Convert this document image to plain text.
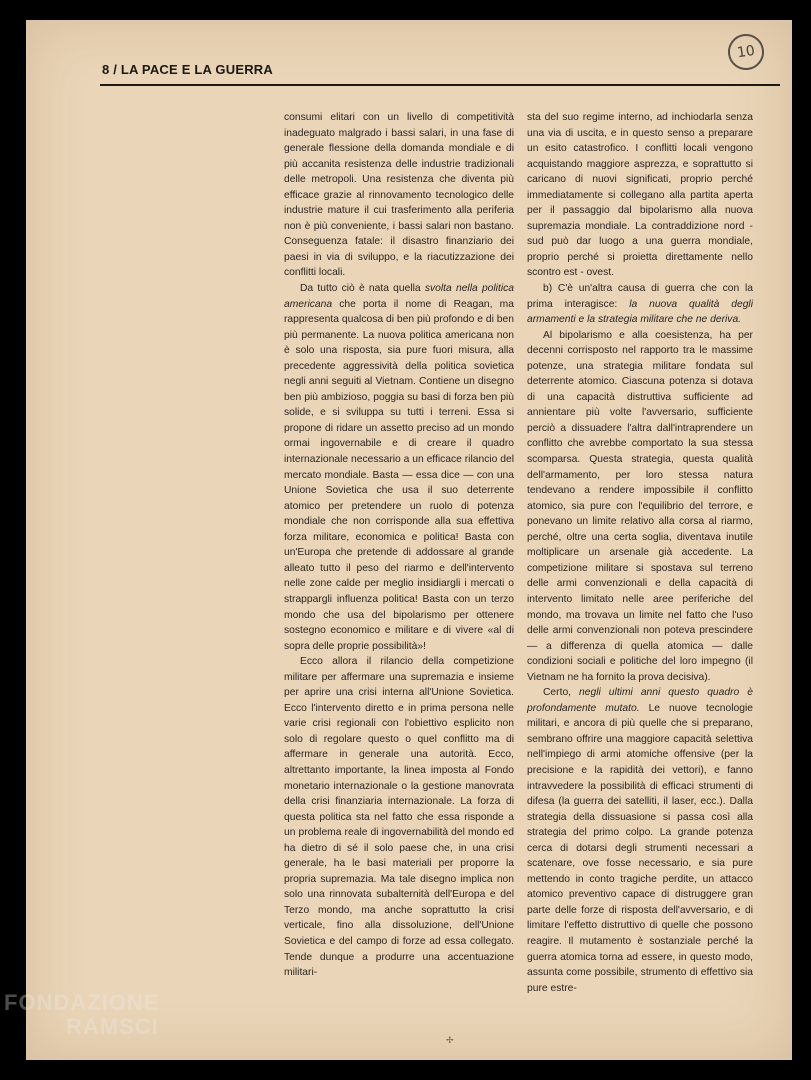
10
8 / LA PACE E LA GUERRA

consumi elitari con un livello di competitività inadeguato malgrado i bassi salari, in una fase di generale flessione della domanda mondiale e di più accanita resistenza delle industrie tradizionali delle metropoli. Una resistenza che diventa più efficace grazie al rinnovamento tecnologico delle industrie mature il cui trasferimento alla periferia non è più conveniente, i bassi salari non bastano. Conseguenza fatale: il disastro finanziario dei paesi in via di sviluppo, e la riacutizzazione dei conflitti locali.

Da tutto ciò è nata quella svolta nella politica americana che porta il nome di Reagan, ma rappresenta qualcosa di ben più profondo e di ben più permanente. La nuova politica americana non è solo una risposta, sia pure fuori misura, alla precedente aggressività della politica sovietica negli anni seguiti al Vietnam. Contiene un disegno ben più ambizioso, poggia su basi di forza ben più solide, e si sviluppa su tutti i terreni. Essa si propone di ridare un assetto preciso ad un mondo ormai ingovernabile e di creare il quadro internazionale necessario a un efficace rilancio del mercato mondiale. Basta — essa dice — con una Unione Sovietica che usa il suo deterrente atomico per pretendere un ruolo di potenza mondiale che non corrisponde alla sua effettiva forza militare, economica e politica! Basta con un'Europa che pretende di addossare al grande alleato tutto il peso del riarmo e dell'intervento nelle zone calde per meglio insidiargli i mercati o strappargli influenza politica! Basta con un terzo mondo che usa del bipolarismo per ottenere sostegno economico e militare e di vivere «al di sopra delle proprie possibilità»!

Ecco allora il rilancio della competizione militare per affermare una supremazia e insieme per aprire una crisi interna all'Unione Sovietica. Ecco l'intervento diretto e in prima persona nelle varie crisi regionali con l'obiettivo esplicito non solo di regolare questo o quel conflitto ma di affermare in generale una autorità. Ecco, altrettanto importante, la linea imposta al Fondo monetario internazionale o la gestione manovrata della crisi finanziaria internazionale. La forza di questa politica sta nel fatto che essa risponde a un problema reale di ingovernabilità del mondo ed ha dietro di sé il solo paese che, in una crisi generale, ha le basi materiali per proporre la propria supremazia. Ma tale disegno implica non solo una rinnovata subalternità dell'Europa e del Terzo mondo, ma anche soprattutto la crisi verticale, fino alla dissoluzione, dell'Unione Sovietica e del campo di forze ad essa collegato. Tende dunque a produrre una accentuazione militari-

sta del suo regime interno, ad inchiodarla senza una via di uscita, e in questo senso a preparare un esito catastrofico. I conflitti locali vengono acquistando maggiore asprezza, e soprattutto si caricano di nuovi significati, proprio perché immediatamente si collegano alla partita aperta per il passaggio dal bipolarismo alla nuova supremazia mondiale. La contraddizione nord - sud può dar luogo a una guerra mondiale, proprio perché si proietta direttamente nello scontro est - ovest.

b) C'è un'altra causa di guerra che con la prima interagisce: la nuova qualità degli armamenti e la strategia militare che ne deriva.

Al bipolarismo e alla coesistenza, ha per decenni corrisposto nel rapporto tra le massime potenze, una strategia militare fondata sul deterrente atomico. Ciascuna potenza si dotava di una capacità distruttiva sufficiente ad annientare più volte l'avversario, sufficiente perciò a dissuadere l'altra dall'intraprendere un conflitto che avrebbe comportato la sua stessa scomparsa. Questa strategia, questa qualità dell'armamento, per loro stessa natura tendevano a rendere impossibile il conflitto atomico, sia pure con l'equilibrio del terrore, e ponevano un limite relativo alla corsa al riarmo, perché, oltre una certa soglia, diventava inutile moltiplicare un arsenale già accedente. La competizione militare si spostava sul terreno delle armi convenzionali e della capacità di intervento limitato nelle aree periferiche del mondo, ma trovava un limite nel fatto che l'uso delle armi convenzionali non poteva prescindere — a differenza di quella atomica — dalle condizioni sociali e politiche del loro impegno (il Vietnam ne ha fornito la prova decisiva).

Certo, negli ultimi anni questo quadro è profondamente mutato. Le nuove tecnologie militari, e ancora di più quelle che si preparano, sembrano offrire una maggiore capacità selettiva nell'impiego di armi atomiche offensive (per la precisione e la rapidità dei vettori), e fanno intravvedere la possibilità di efficaci strumenti di difesa (la guerra dei satelliti, il laser, ecc.). Dalla strategia della dissuasione si passa così alla strategia del primo colpo. La grande potenza cerca di dotarsi degli strumenti necessari a scatenare, ove fosse necessario, e sia pure mettendo in conto tragiche perdite, un attacco atomico preventivo capace di distruggere gran parte delle forze di risposta dell'avversario, e di limitare l'effetto distruttivo di quelle che possono reagire. Il mutamento è sostanziale perché la guerra atomica torna ad essere, in questo modo, assunta come possibile, strumento di effettivo sia pure estre-

✢
FONDAZIONE
RAMSCI
